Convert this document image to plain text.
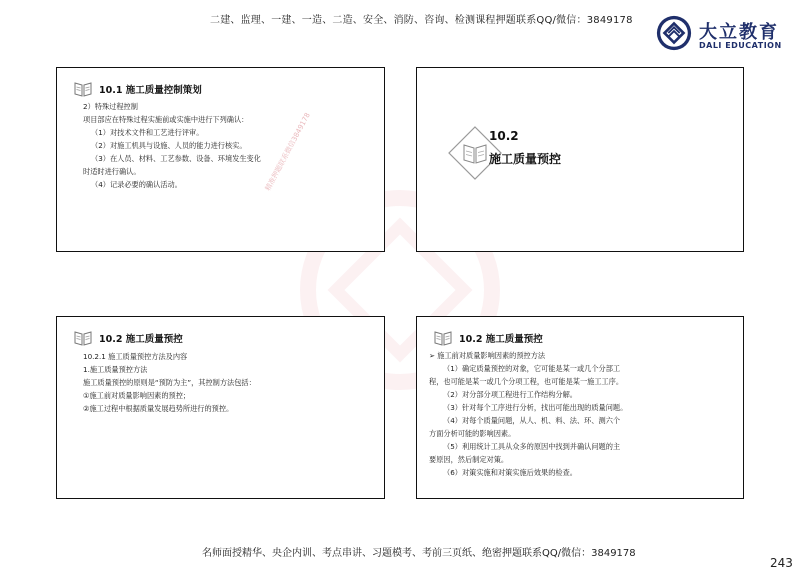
二建、监理、一建、一造、二造、安全、消防、咨询、检测课程押题联系QQ/微信：3849178
大立教育
DALI EDUCATION
10.1 施工质量控制策划
2）特殊过程控制
项目部应在特殊过程实施前或实施中进行下列确认：
（1）对技术文件和工艺进行评审。
（2）对施工机具与设施、人员的能力进行核实。
（3）在人员、材料、工艺参数、设备、环境发生变化
时适时进行确认。
（4）记录必要的确认活动。
10.2
施工质量预控
10.2 施工质量预控
10.2.1 施工质量预控方法及内容
1.施工质量预控方法
施工质量预控的原则是“预防为主”，其控制方法包括：
①施工前对质量影响因素的预控；
②施工过程中根据质量发展趋势所进行的预控。
10.2 施工质量预控
➢ 施工前对质量影响因素的预控方法
（1）确定质量预控的对象，它可能是某一或几个分部工
程，也可能是某一或几个分项工程，也可能是某一施工工序。
（2）对分部分项工程进行工作结构分解。
（3）针对每个工序进行分析，找出可能出现的质量问题。
（4）对每个质量问题，从人、机、料、法、环、测六个
方面分析可能的影响因素。
（5）利用统计工具从众多的原因中找到并确认问题的主
要原因，然后制定对策。
（6）对策实施和对策实施后效果的检查。
精准押题联系微信3849178
名师面授精华、央企内训、考点串讲、习题模考、考前三页纸、绝密押题联系QQ/微信：3849178
243
